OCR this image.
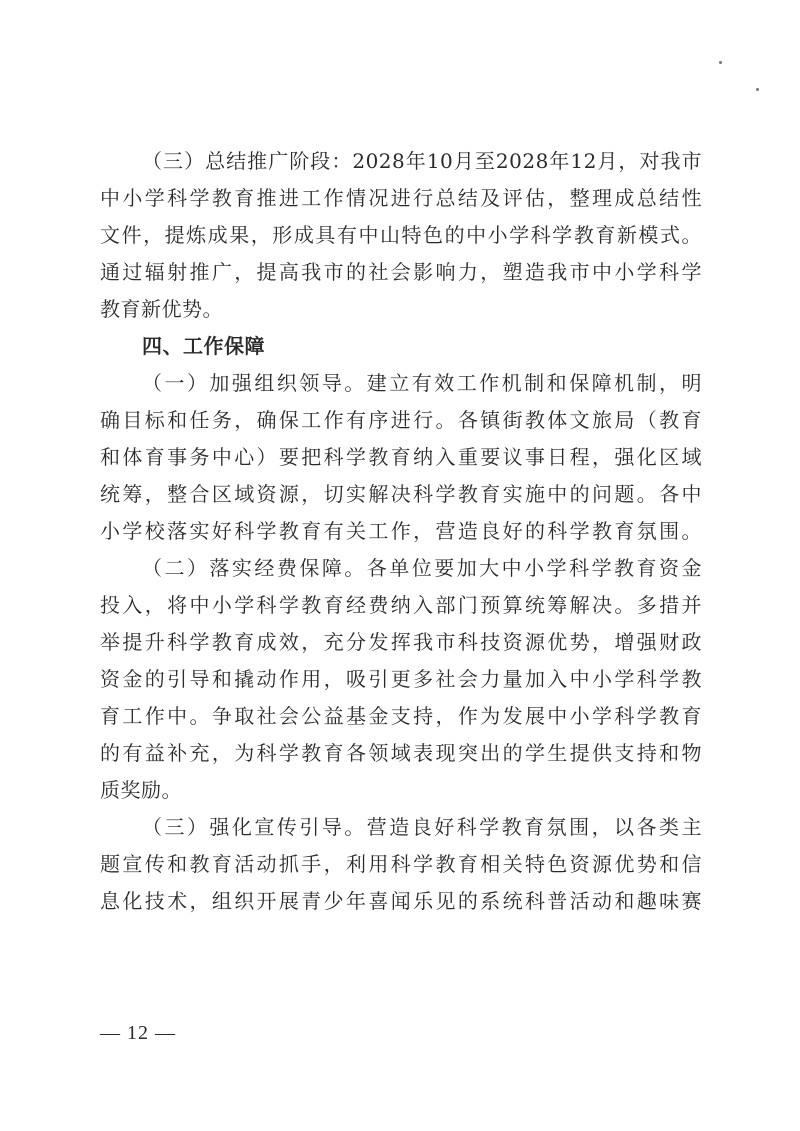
（三）总结推广阶段：2028年10月至2028年12月，对我市
中小学科学教育推进工作情况进行总结及评估，整理成总结性
文件，提炼成果，形成具有中山特色的中小学科学教育新模式。
通过辐射推广，提高我市的社会影响力，塑造我市中小学科学
教育新优势。
四、工作保障
（一）加强组织领导。建立有效工作机制和保障机制，明
确目标和任务，确保工作有序进行。各镇街教体文旅局（教育
和体育事务中心）要把科学教育纳入重要议事日程，强化区域
统筹，整合区域资源，切实解决科学教育实施中的问题。各中
小学校落实好科学教育有关工作，营造良好的科学教育氛围。
（二）落实经费保障。各单位要加大中小学科学教育资金
投入，将中小学科学教育经费纳入部门预算统筹解决。多措并
举提升科学教育成效，充分发挥我市科技资源优势，增强财政
资金的引导和撬动作用，吸引更多社会力量加入中小学科学教
育工作中。争取社会公益基金支持，作为发展中小学科学教育
的有益补充，为科学教育各领域表现突出的学生提供支持和物
质奖励。
（三）强化宣传引导。营造良好科学教育氛围，以各类主
题宣传和教育活动抓手，利用科学教育相关特色资源优势和信
息化技术，组织开展青少年喜闻乐见的系统科普活动和趣味赛
— 12 —
